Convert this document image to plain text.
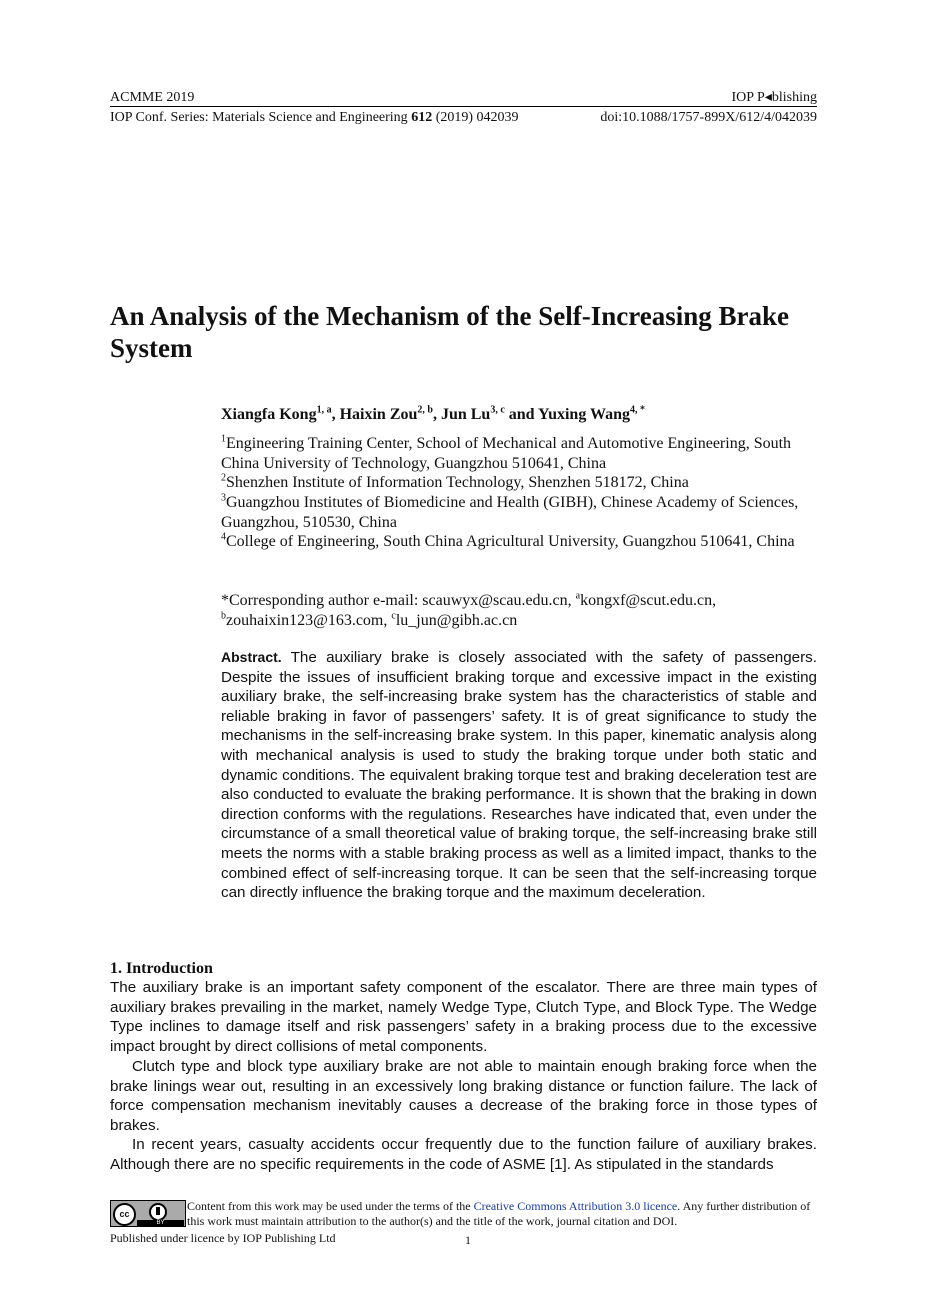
ACMME 2019	IOP P◂blishing
IOP Conf. Series: Materials Science and Engineering 612 (2019) 042039	doi:10.1088/1757-899X/612/4/042039
An Analysis of the Mechanism of the Self-Increasing Brake System
Xiangfa Kong$^{1, a}$, Haixin Zou$^{2, b}$, Jun Lu$^{3, c}$ and Yuxing Wang$^{4, *}$
$^1$Engineering Training Center, School of Mechanical and Automotive Engineering, South China University of Technology, Guangzhou 510641, China
$^2$Shenzhen Institute of Information Technology, Shenzhen 518172, China
$^3$Guangzhou Institutes of Biomedicine and Health (GIBH), Chinese Academy of Sciences, Guangzhou, 510530, China
$^4$College of Engineering, South China Agricultural University, Guangzhou 510641, China
*Corresponding author e-mail: scauwyx@scau.edu.cn, $^a$kongxf@scut.edu.cn, $^b$zouhaixin123@163.com, $^c$lu_jun@gibh.ac.cn
Abstract. The auxiliary brake is closely associated with the safety of passengers. Despite the issues of insufficient braking torque and excessive impact in the existing auxiliary brake, the self-increasing brake system has the characteristics of stable and reliable braking in favor of passengers’ safety. It is of great significance to study the mechanisms in the self-increasing brake system. In this paper, kinematic analysis along with mechanical analysis is used to study the braking torque under both static and dynamic conditions. The equivalent braking torque test and braking deceleration test are also conducted to evaluate the braking performance. It is shown that the braking in down direction conforms with the regulations. Researches have indicated that, even under the circumstance of a small theoretical value of braking torque, the self-increasing brake still meets the norms with a stable braking process as well as a limited impact, thanks to the combined effect of self-increasing torque. It can be seen that the self-increasing torque can directly influence the braking torque and the maximum deceleration.
1. Introduction
The auxiliary brake is an important safety component of the escalator. There are three main types of auxiliary brakes prevailing in the market, namely Wedge Type, Clutch Type, and Block Type. The Wedge Type inclines to damage itself and risk passengers’ safety in a braking process due to the excessive impact brought by direct collisions of metal components.
Clutch type and block type auxiliary brake are not able to maintain enough braking force when the brake linings wear out, resulting in an excessively long braking distance or function failure. The lack of force compensation mechanism inevitably causes a decrease of the braking force in those types of brakes.
In recent years, casualty accidents occur frequently due to the function failure of auxiliary brakes. Although there are no specific requirements in the code of ASME [1]. As stipulated in the standards
cc
BY
Content from this work may be used under the terms of the Creative Commons Attribution 3.0 licence. Any further distribution of this work must maintain attribution to the author(s) and the title of the work, journal citation and DOI.
Published under licence by IOP Publishing Ltd	1
